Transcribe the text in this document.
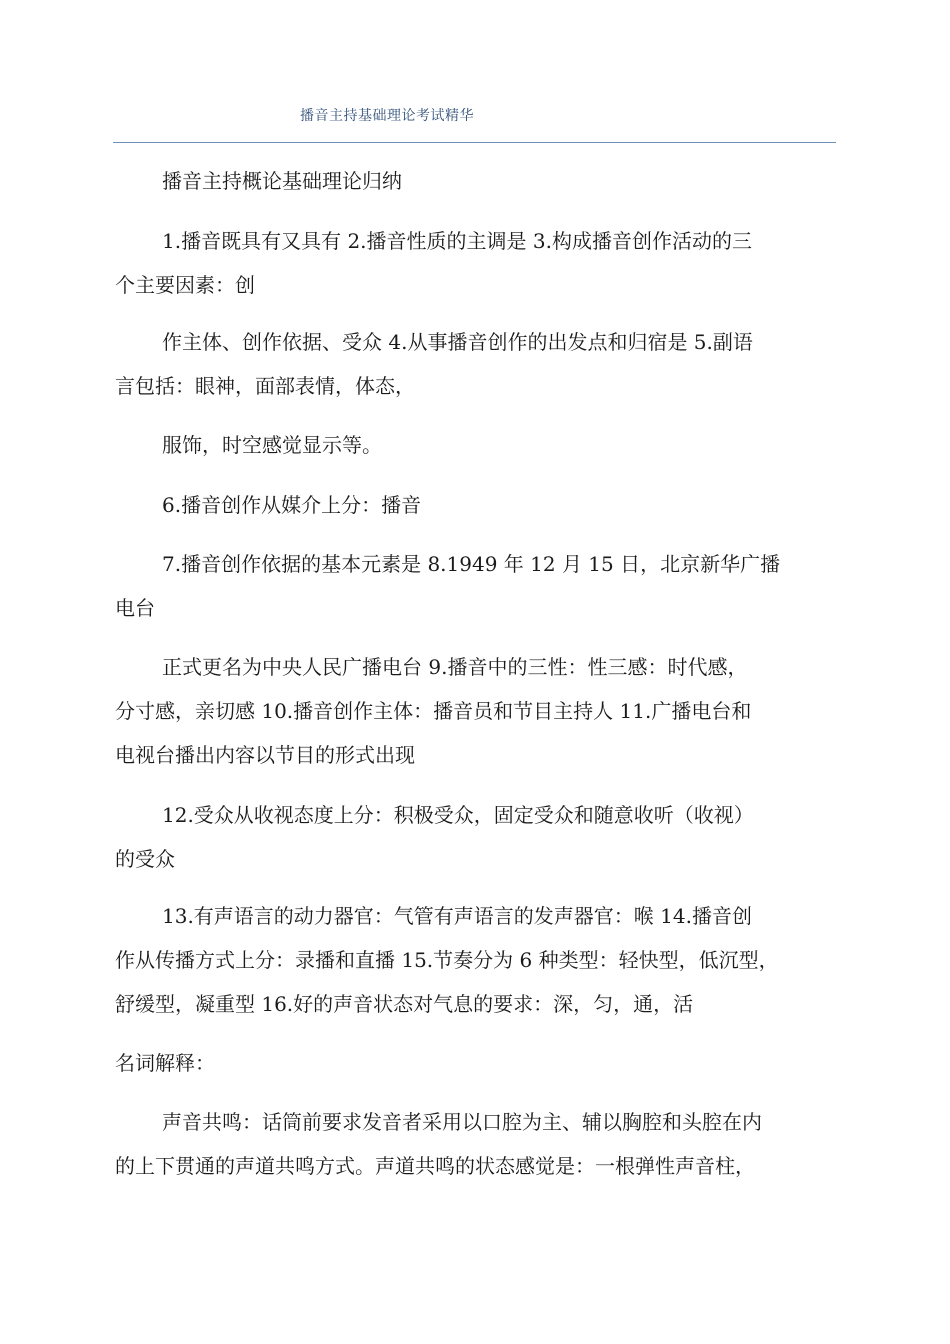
播音主持基础理论考试精华
播音主持概论基础理论归纳
1.播音既具有又具有 2.播音性质的主调是 3.构成播音创作活动的三
个主要因素：创
作主体、创作依据、受众 4.从事播音创作的出发点和归宿是 5.副语
言包括：眼神，面部表情，体态，
服饰，时空感觉显示等。
6.播音创作从媒介上分：播音
7.播音创作依据的基本元素是 8.1949 年 12 月 15 日，北京新华广播
电台
正式更名为中央人民广播电台 9.播音中的三性：性三感：时代感，
分寸感，亲切感 10.播音创作主体：播音员和节目主持人 11.广播电台和
电视台播出内容以节目的形式出现
12.受众从收视态度上分：积极受众，固定受众和随意收听（收视）
的受众
13.有声语言的动力器官：气管有声语言的发声器官：喉 14.播音创
作从传播方式上分：录播和直播 15.节奏分为 6 种类型：轻快型，低沉型，
舒缓型，凝重型 16.好的声音状态对气息的要求：深，匀，通，活
名词解释：
声音共鸣：话筒前要求发音者采用以口腔为主、辅以胸腔和头腔在内
的上下贯通的声道共鸣方式。声道共鸣的状态感觉是：一根弹性声音柱，
